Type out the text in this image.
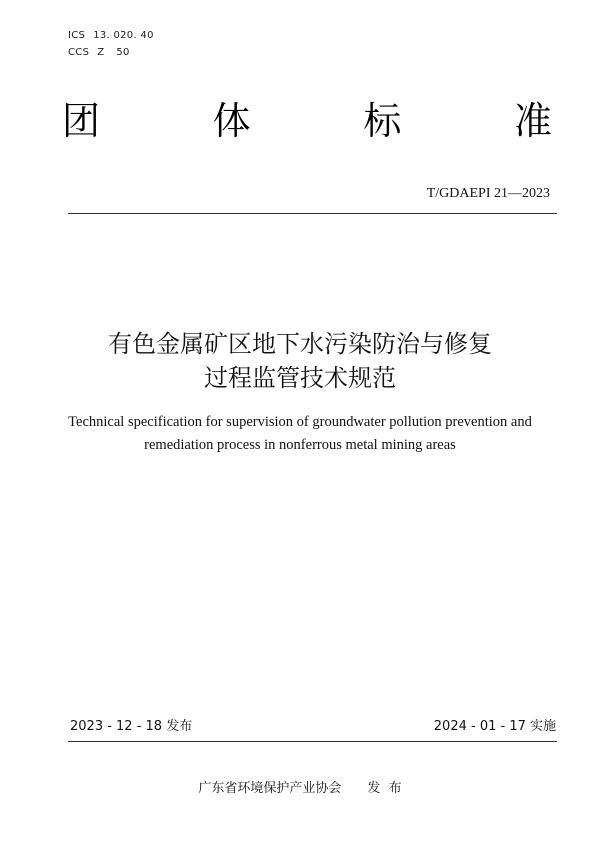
ICS 13. 020. 40
CCS Z 50
团	体	标	准
T/GDAEPI 21—2023
有色金属矿区地下水污染防治与修复
过程监管技术规范
Technical specification for supervision of groundwater pollution prevention and
remediation process in nonferrous metal mining areas
2023 - 12 - 18 发布	2024 - 01 - 17 实施
广东省环境保护产业协会 发  布
